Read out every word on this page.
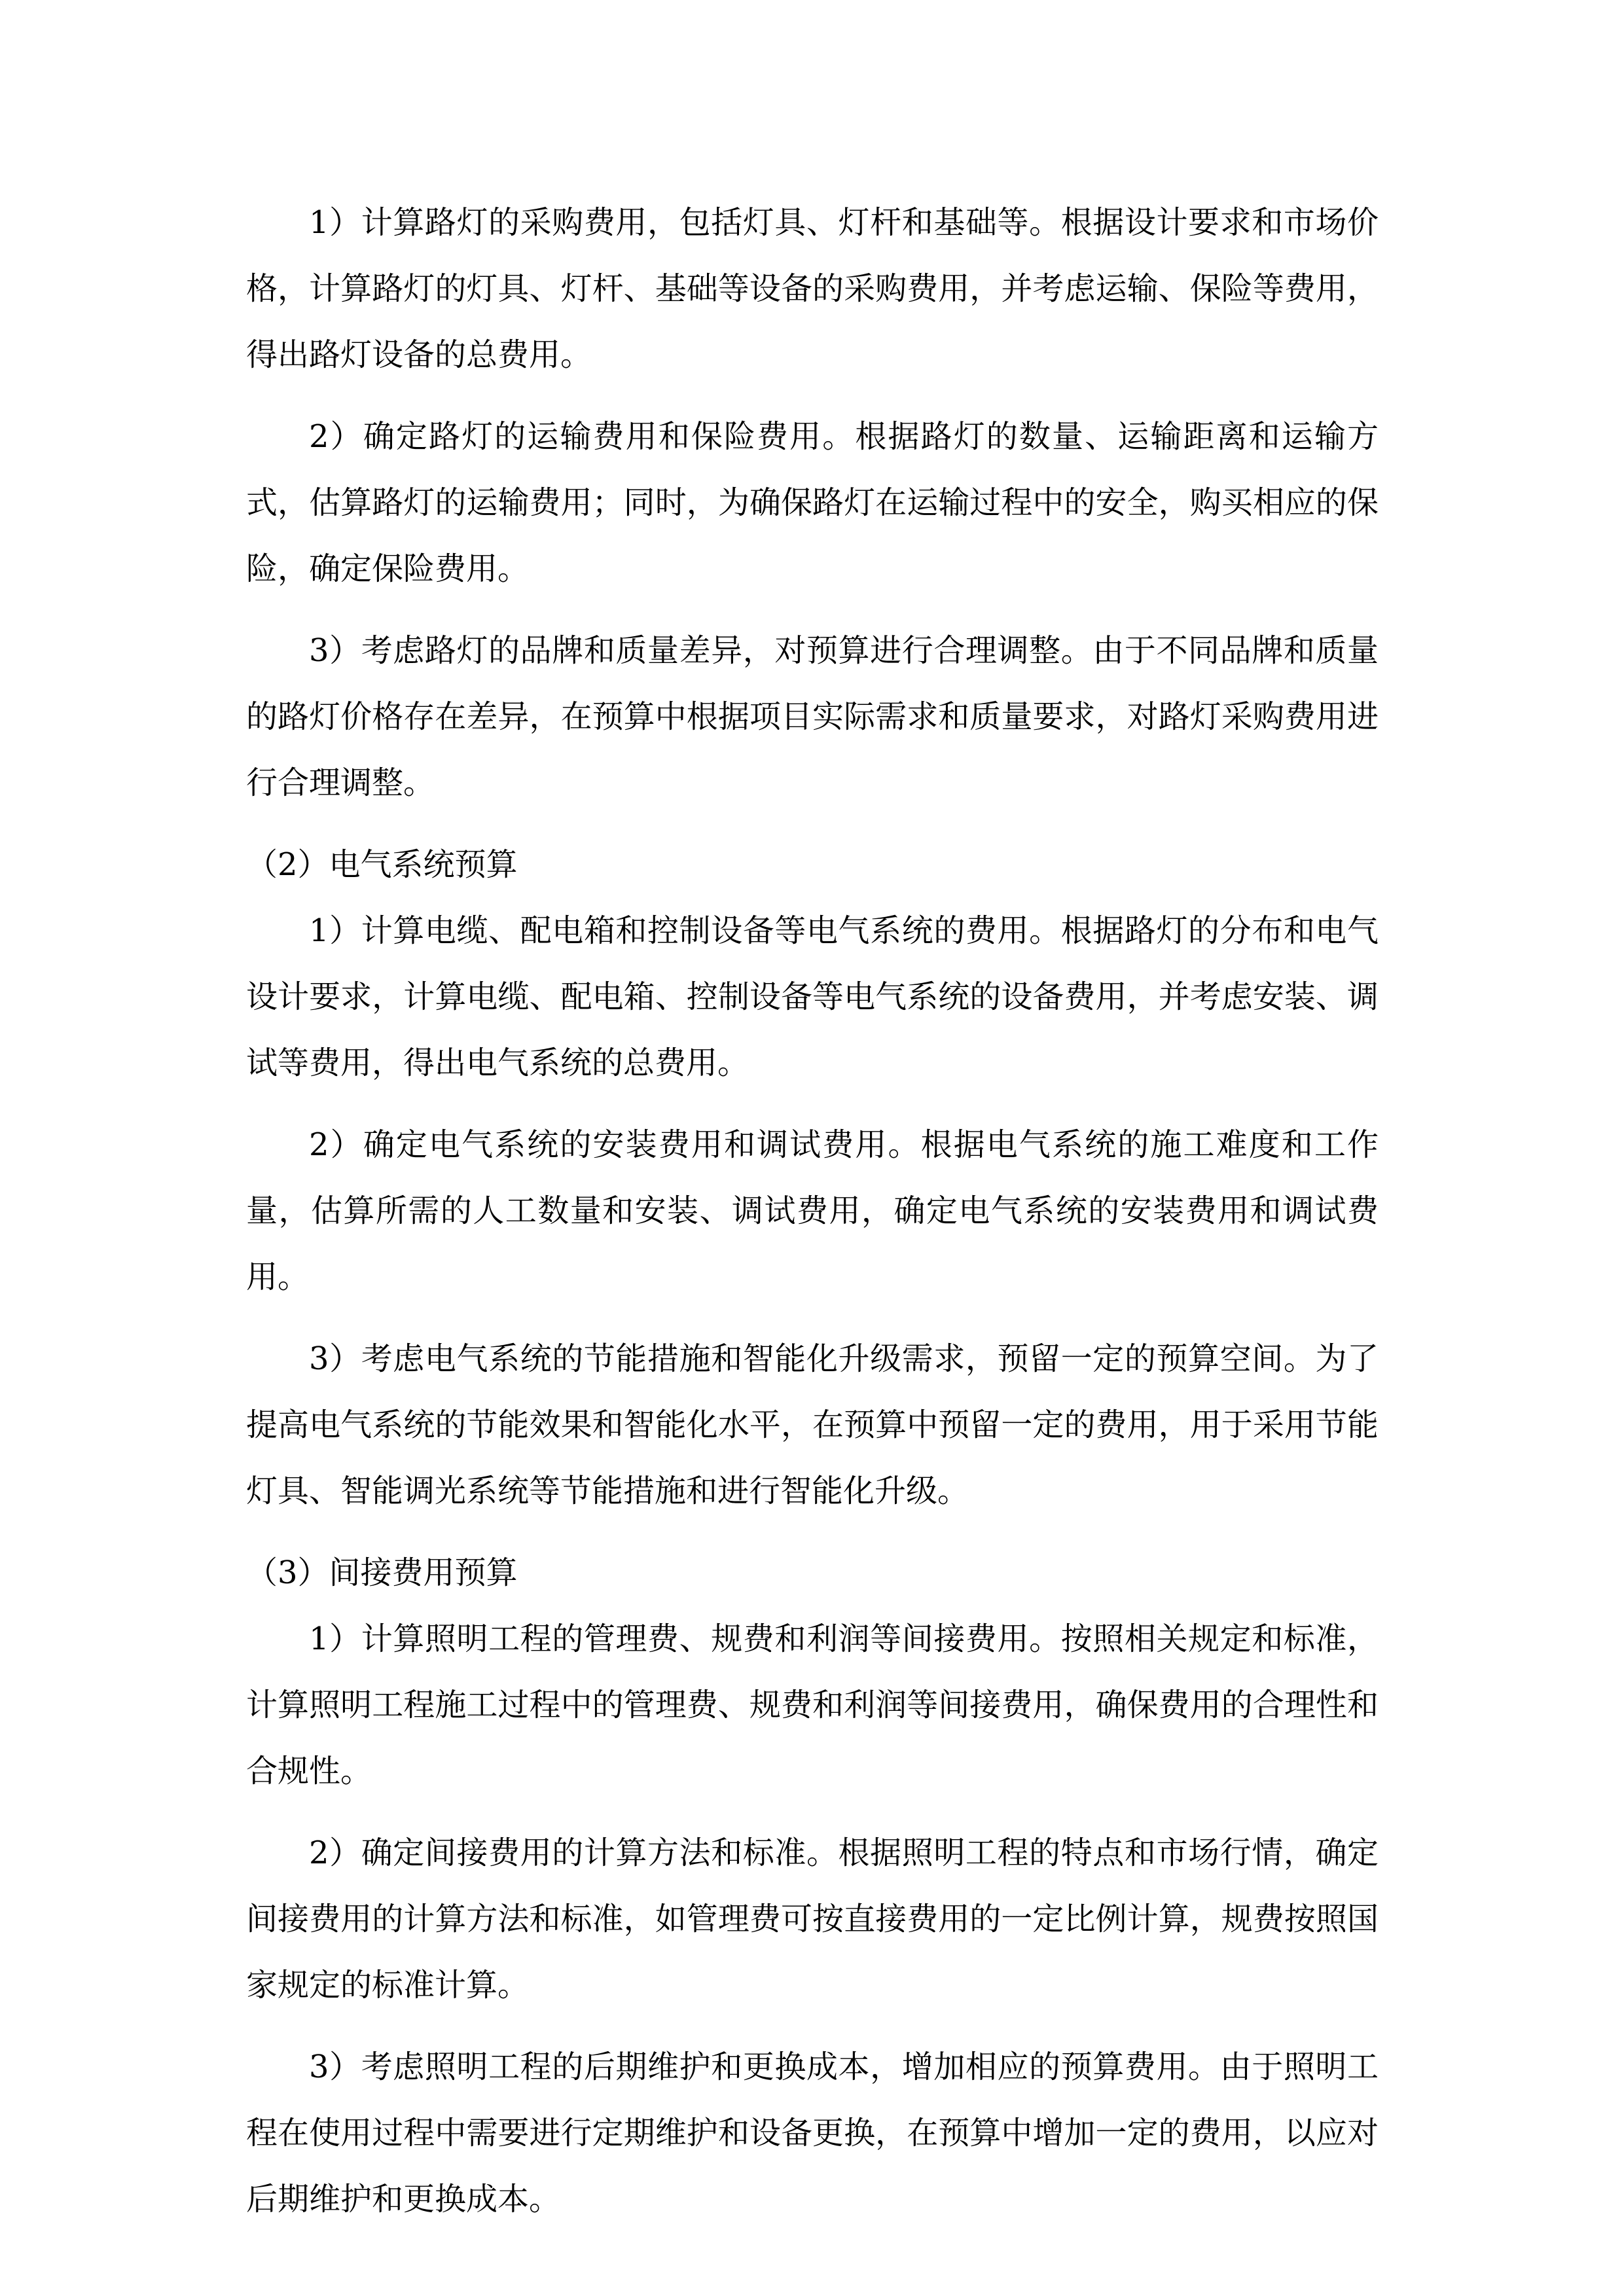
1）计算路灯的采购费用，包括灯具、灯杆和基础等。根据设计要求和市场价格，计算路灯的灯具、灯杆、基础等设备的采购费用，并考虑运输、保险等费用，得出路灯设备的总费用。

2）确定路灯的运输费用和保险费用。根据路灯的数量、运输距离和运输方式，估算路灯的运输费用；同时，为确保路灯在运输过程中的安全，购买相应的保险，确定保险费用。

3）考虑路灯的品牌和质量差异，对预算进行合理调整。由于不同品牌和质量的路灯价格存在差异，在预算中根据项目实际需求和质量要求，对路灯采购费用进行合理调整。

（2）电气系统预算

1）计算电缆、配电箱和控制设备等电气系统的费用。根据路灯的分布和电气设计要求，计算电缆、配电箱、控制设备等电气系统的设备费用，并考虑安装、调试等费用，得出电气系统的总费用。

2）确定电气系统的安装费用和调试费用。根据电气系统的施工难度和工作量，估算所需的人工数量和安装、调试费用，确定电气系统的安装费用和调试费用。

3）考虑电气系统的节能措施和智能化升级需求，预留一定的预算空间。为了提高电气系统的节能效果和智能化水平，在预算中预留一定的费用，用于采用节能灯具、智能调光系统等节能措施和进行智能化升级。

（3）间接费用预算

1）计算照明工程的管理费、规费和利润等间接费用。按照相关规定和标准，计算照明工程施工过程中的管理费、规费和利润等间接费用，确保费用的合理性和合规性。

2）确定间接费用的计算方法和标准。根据照明工程的特点和市场行情，确定间接费用的计算方法和标准，如管理费可按直接费用的一定比例计算，规费按照国家规定的标准计算。

3）考虑照明工程的后期维护和更换成本，增加相应的预算费用。由于照明工程在使用过程中需要进行定期维护和设备更换，在预算中增加一定的费用，以应对后期维护和更换成本。
